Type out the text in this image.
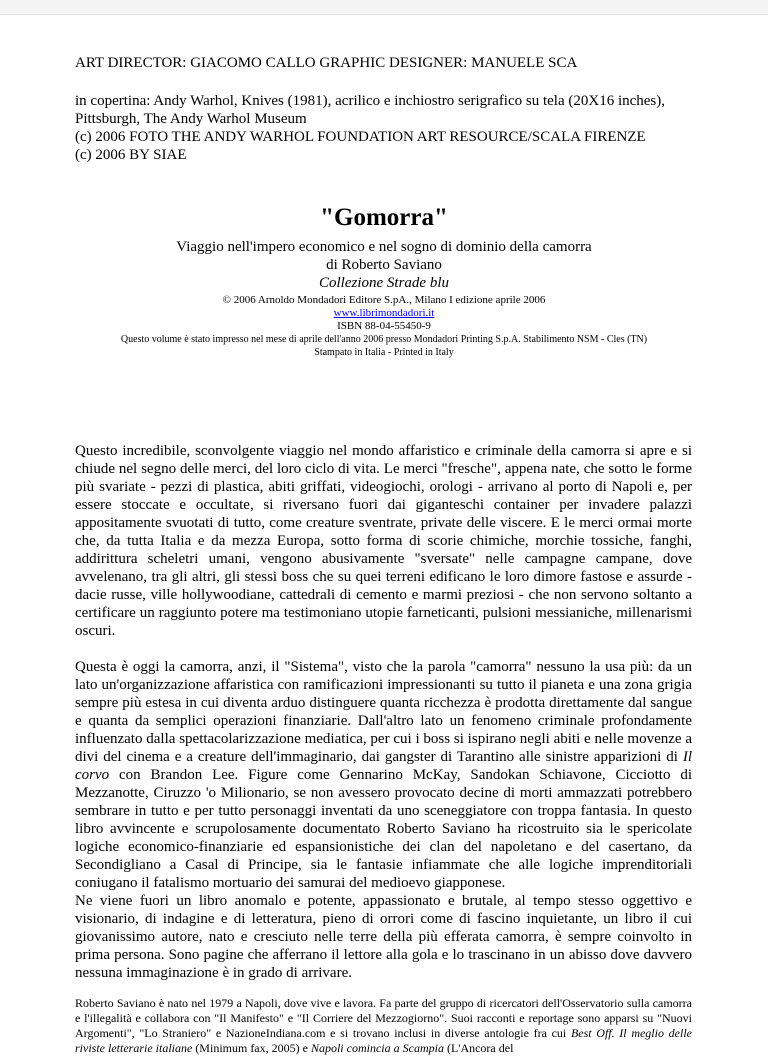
ART DIRECTOR: GIACOMO CALLO GRAPHIC DESIGNER: MANUELE SCA

in copertina: Andy Warhol, Knives (1981), acrilico e inchiostro serigrafico su tela (20X16 inches), Pittsburgh, The Andy Warhol Museum

(c) 2006 FOTO THE ANDY WARHOL FOUNDATION ART RESOURCE/SCALA FIRENZE

(c) 2006 BY SIAE

"Gomorra"

Viaggio nell'impero economico e nel sogno di dominio della camorra

di Roberto Saviano

Collezione Strade blu

© 2006 Arnoldo Mondadori Editore S.pA., Milano I edizione aprile 2006

www.librimondadori.it

ISBN 88-04-55450-9

Questo volume è stato impresso nel mese di aprile dell'anno 2006 presso Mondadori Printing S.p.A. Stabilimento NSM - Cles (TN)

Stampato in Italia - Printed in Italy

Questo incredibile, sconvolgente viaggio nel mondo affaristico e criminale della camorra si apre e si chiude nel segno delle merci, del loro ciclo di vita. Le merci "fresche", appena nate, che sotto le forme più svariate - pezzi di plastica, abiti griffati, videogiochi, orologi - arrivano al porto di Napoli e, per essere stoccate e occultate, si riversano fuori dai giganteschi container per invadere palazzi appositamente svuotati di tutto, come creature sventrate, private delle viscere. E le merci ormai morte che, da tutta Italia e da mezza Europa, sotto forma di scorie chimiche, morchie tossiche, fanghi, addirittura scheletri umani, vengono abusivamente "sversate" nelle campagne campane, dove avvelenano, tra gli altri, gli stessi boss che su quei terreni edificano le loro dimore fastose e assurde - dacie russe, ville hollywoodiane, cattedrali di cemento e marmi preziosi - che non servono soltanto a certificare un raggiunto potere ma testimoniano utopie farneticanti, pulsioni messianiche, millenarismi oscuri.

Questa è oggi la camorra, anzi, il "Sistema", visto che la parola "camorra" nessuno la usa più: da un lato un'organizzazione affaristica con ramificazioni impressionanti su tutto il pianeta e una zona grigia sempre più estesa in cui diventa arduo distinguere quanta ricchezza è prodotta direttamente dal sangue e quanta da semplici operazioni finanziarie. Dall'altro lato un fenomeno criminale profondamente influenzato dalla spettacolarizzazione mediatica, per cui i boss si ispirano negli abiti e nelle movenze a divi del cinema e a creature dell'immaginario, dai gangster di Tarantino alle sinistre apparizioni di Il corvo con Brandon Lee. Figure come Gennarino McKay, Sandokan Schiavone, Cicciotto di Mezzanotte, Ciruzzo 'o Milionario, se non avessero provocato decine di morti ammazzati potrebbero sembrare in tutto e per tutto personaggi inventati da uno sceneggiatore con troppa fantasia. In questo libro avvincente e scrupolosamente documentato Roberto Saviano ha ricostruito sia le spericolate logiche economico-finanziarie ed espansionistiche dei clan del napoletano e del casertano, da Secondigliano a Casal di Principe, sia le fantasie infiammate che alle logiche imprenditoriali coniugano il fatalismo mortuario dei samurai del medioevo giapponese.

Ne viene fuori un libro anomalo e potente, appassionato e brutale, al tempo stesso oggettivo e visionario, di indagine e di letteratura, pieno di orrori come di fascino inquietante, un libro il cui giovanissimo autore, nato e cresciuto nelle terre della più efferata camorra, è sempre coinvolto in prima persona. Sono pagine che afferrano il lettore alla gola e lo trascinano in un abisso dove davvero nessuna immaginazione è in grado di arrivare.

Roberto Saviano è nato nel 1979 a Napoli, dove vive e lavora. Fa parte del gruppo di ricercatori dell'Osservatorio sulla camorra e l'illegalità e collabora con "Il Manifesto" e "Il Corriere del Mezzogiorno". Suoi racconti e reportage sono apparsi su "Nuovi Argomenti", "Lo Straniero" e NazioneIndiana.com e si trovano inclusi in diverse antologie fra cui Best Off. Il meglio delle riviste letterarie italiane (Minimum fax, 2005) e Napoli comincia a Scampia (L'Ancora del
